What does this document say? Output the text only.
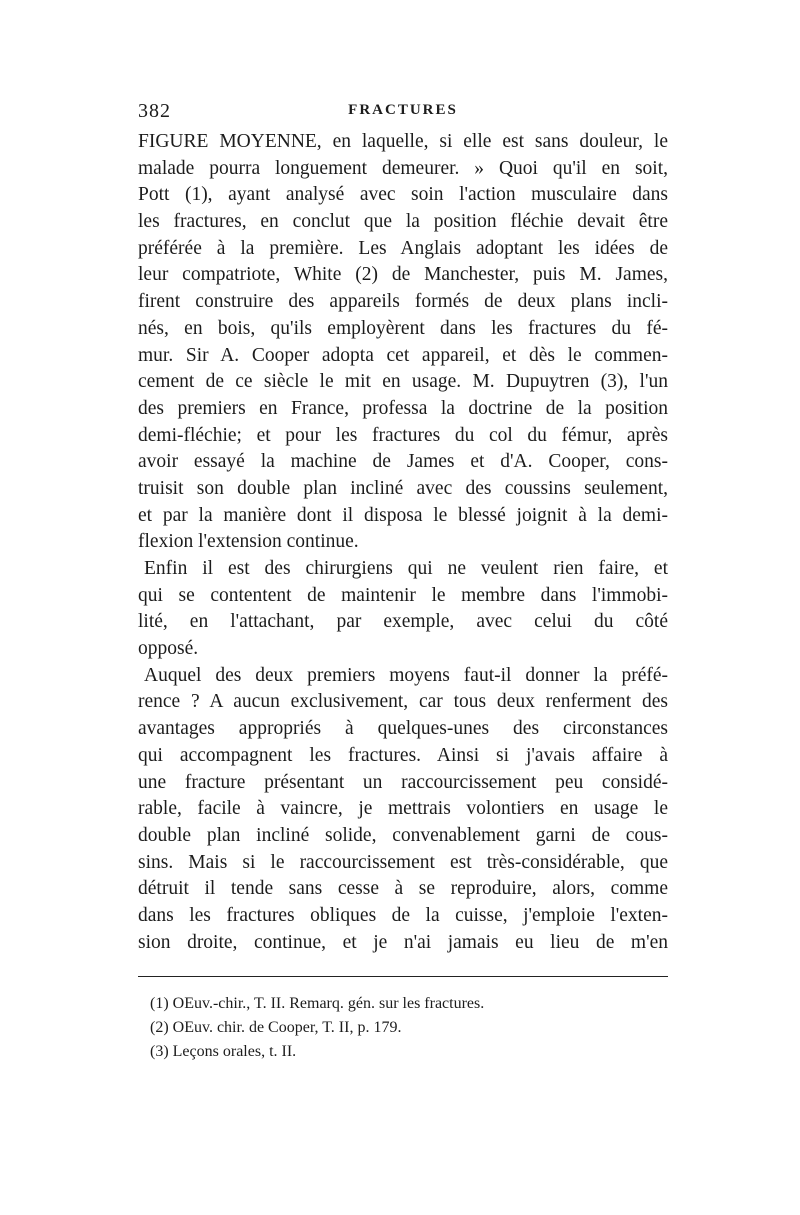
382	FRACTURES
FIGURE MOYENNE, en laquelle, si elle est sans douleur, le
malade pourra longuement demeurer. » Quoi qu'il en soit,
Pott (1), ayant analysé avec soin l'action musculaire dans
les fractures, en conclut que la position fléchie devait être
préférée à la première. Les Anglais adoptant les idées de
leur compatriote, White (2) de Manchester, puis M. James,
firent construire des appareils formés de deux plans incli-
nés, en bois, qu'ils employèrent dans les fractures du fé-
mur. Sir A. Cooper adopta cet appareil, et dès le commen-
cement de ce siècle le mit en usage. M. Dupuytren (3), l'un
des premiers en France, professa la doctrine de la position
demi-fléchie; et pour les fractures du col du fémur, après
avoir essayé la machine de James et d'A. Cooper, cons-
truisit son double plan incliné avec des coussins seulement,
et par la manière dont il disposa le blessé joignit à la demi-
flexion l'extension continue.
Enfin il est des chirurgiens qui ne veulent rien faire, et
qui se contentent de maintenir le membre dans l'immobi-
lité, en l'attachant, par exemple, avec celui du côté
opposé.
Auquel des deux premiers moyens faut-il donner la préfé-
rence ? A aucun exclusivement, car tous deux renferment des
avantages appropriés à quelques-unes des circonstances
qui accompagnent les fractures. Ainsi si j'avais affaire à
une fracture présentant un raccourcissement peu considé-
rable, facile à vaincre, je mettrais volontiers en usage le
double plan incliné solide, convenablement garni de cous-
sins. Mais si le raccourcissement est très-considérable, que
détruit il tende sans cesse à se reproduire, alors, comme
dans les fractures obliques de la cuisse, j'emploie l'exten-
sion droite, continue, et je n'ai jamais eu lieu de m'en
(1) OEuv.-chir., T. II. Remarq. gén. sur les fractures.
(2) OEuv. chir. de Cooper, T. II, p. 179.
(3) Leçons orales, t. II.
